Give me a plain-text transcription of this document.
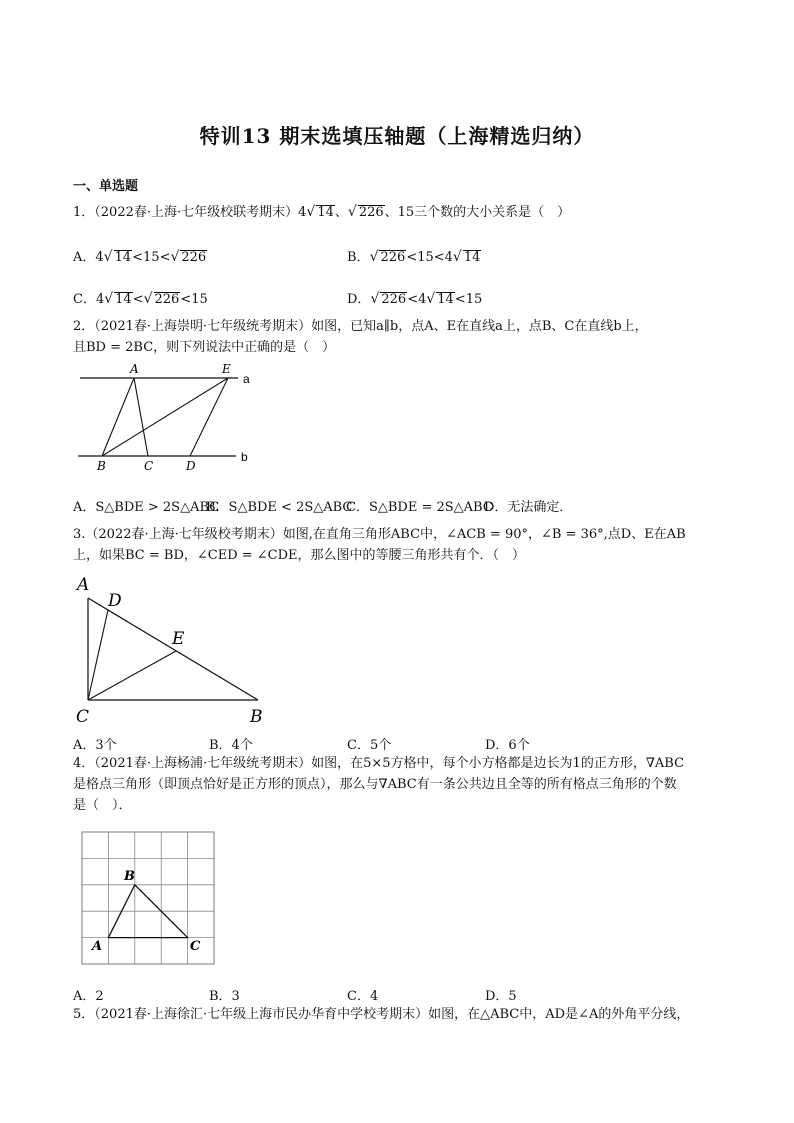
特训13 期末选填压轴题（上海精选归纳）
一、单选题
1．（2022春·上海·七年级校联考期末）4√ 14、√ 226、15三个数的大小关系是（　）
A．4√ 14<15<√ 226	B．√ 226<15<4√ 14
C．4√ 14<√ 226<15	D．√ 226<4√ 14<15
2．（2021春·上海崇明·七年级统考期末）如图，已知a∥b，点A、E在直线a上，点B、C在直线b上，
且BD = 2BC，则下列说法中正确的是（　）
A	E
a
B	C	D
b
A
D
E
C	B
A
B
C
A．S△BDE > 2S△ABC
B．S△BDE < 2S△ABC
C．S△BDE = 2S△ABC
D．无法确定．
3.（2022春·上海·七年级校考期末）如图,在直角三角形ABC中，∠ACB = 90°，∠B = 36°,点D、E在AB
上，如果BC = BD，∠CED = ∠CDE，那么图中的等腰三角形共有个．（　）
A．3个	B．4个	C．5个	D．6个
4．（2021春·上海杨浦·七年级统考期末）如图，在5×5方格中，每个小方格都是边长为1的正方形，∇ABC
是格点三角形（即顶点恰好是正方形的顶点），那么与∇ABC有一条公共边且全等的所有格点三角形的个数
是（　）．
A．2	B．3	C．4	D．5
5．（2021春·上海徐汇·七年级上海市民办华育中学校考期末）如图，在△ABC中，AD是∠A的外角平分线，
